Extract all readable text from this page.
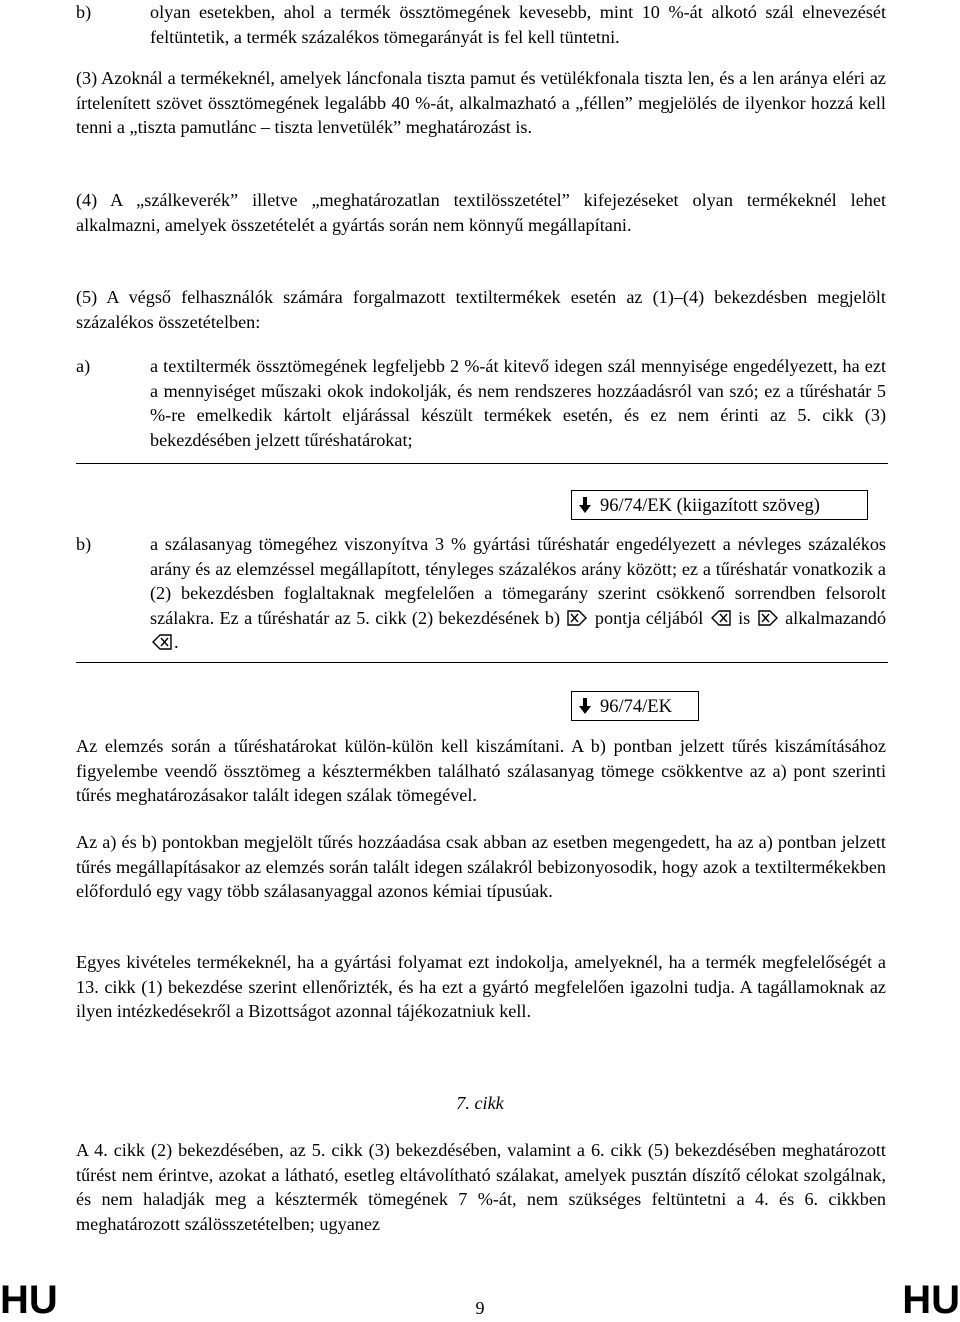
b)	olyan esetekben, ahol a termék össztömegének kevesebb, mint 10 %-át alkotó szál elnevezését feltüntetik, a termék százalékos tömegarányát is fel kell tüntetni.
(3) Azoknál a termékeknél, amelyek láncfonala tiszta pamut és vetülékfonala tiszta len, és a len aránya eléri az írtelenített szövet össztömegének legalább 40 %-át, alkalmazható a „féllen” megjelölés de ilyenkor hozzá kell tenni a „tiszta pamutlánc – tiszta lenvetülék” meghatározást is.
(4) A „szálkeverék” illetve „meghatározatlan textilösszetétel” kifejezéseket olyan termékeknél lehet alkalmazni, amelyek összetételét a gyártás során nem könnyű megállapítani.
(5) A végső felhasználók számára forgalmazott textiltermékek esetén az (1)–(4) bekezdésben megjelölt százalékos összetételben:
a)	a textiltermék össztömegének legfeljebb 2 %-át kitevő idegen szál mennyisége engedélyezett, ha ezt a mennyiséget műszaki okok indokolják, és nem rendszeres hozzáadásról van szó; ez a tűréshatár 5 %-re emelkedik kártolt eljárással készült termékek esetén, és ez nem érinti az 5. cikk (3) bekezdésében jelzett tűréshatárokat;
96/74/EK (kiigazított szöveg)
b)	a szálasanyag tömegéhez viszonyítva 3 % gyártási tűréshatár engedélyezett a névleges százalékos arány és az elemzéssel megállapított, tényleges százalékos arány között; ez a tűréshatár vonatkozik a (2) bekezdésben foglaltaknak megfelelően a tömegarány szerint csökkenő sorrendben felsorolt szálakra. Ez a tűréshatár az 5. cikk (2) bekezdésének b) pontja céljából is alkalmazandó .
96/74/EK
Az elemzés során a tűréshatárokat külön-külön kell kiszámítani. A b) pontban jelzett tűrés kiszámításához figyelembe veendő össztömeg a késztermékben található szálasanyag tömege csökkentve az a) pont szerinti tűrés meghatározásakor talált idegen szálak tömegével.
Az a) és b) pontokban megjelölt tűrés hozzáadása csak abban az esetben megengedett, ha az a) pontban jelzett tűrés megállapításakor az elemzés során talált idegen szálakról bebizonyosodik, hogy azok a textiltermékekben előforduló egy vagy több szálasanyaggal azonos kémiai típusúak.
Egyes kivételes termékeknél, ha a gyártási folyamat ezt indokolja, amelyeknél, ha a termék megfelelőségét a 13. cikk (1) bekezdése szerint ellenőrizték, és ha ezt a gyártó megfelelően igazolni tudja. A tagállamoknak az ilyen intézkedésekről a Bizottságot azonnal tájékozatniuk kell.
7. cikk
A 4. cikk (2) bekezdésében, az 5. cikk (3) bekezdésében, valamint a 6. cikk (5) bekezdésében meghatározott tűrést nem érintve, azokat a látható, esetleg eltávolítható szálakat, amelyek pusztán díszítő célokat szolgálnak, és nem haladják meg a késztermék tömegének 7 %-át, nem szükséges feltüntetni a 4. és 6. cikkben meghatározott szálösszetételben; ugyanez
HU	9	HU
